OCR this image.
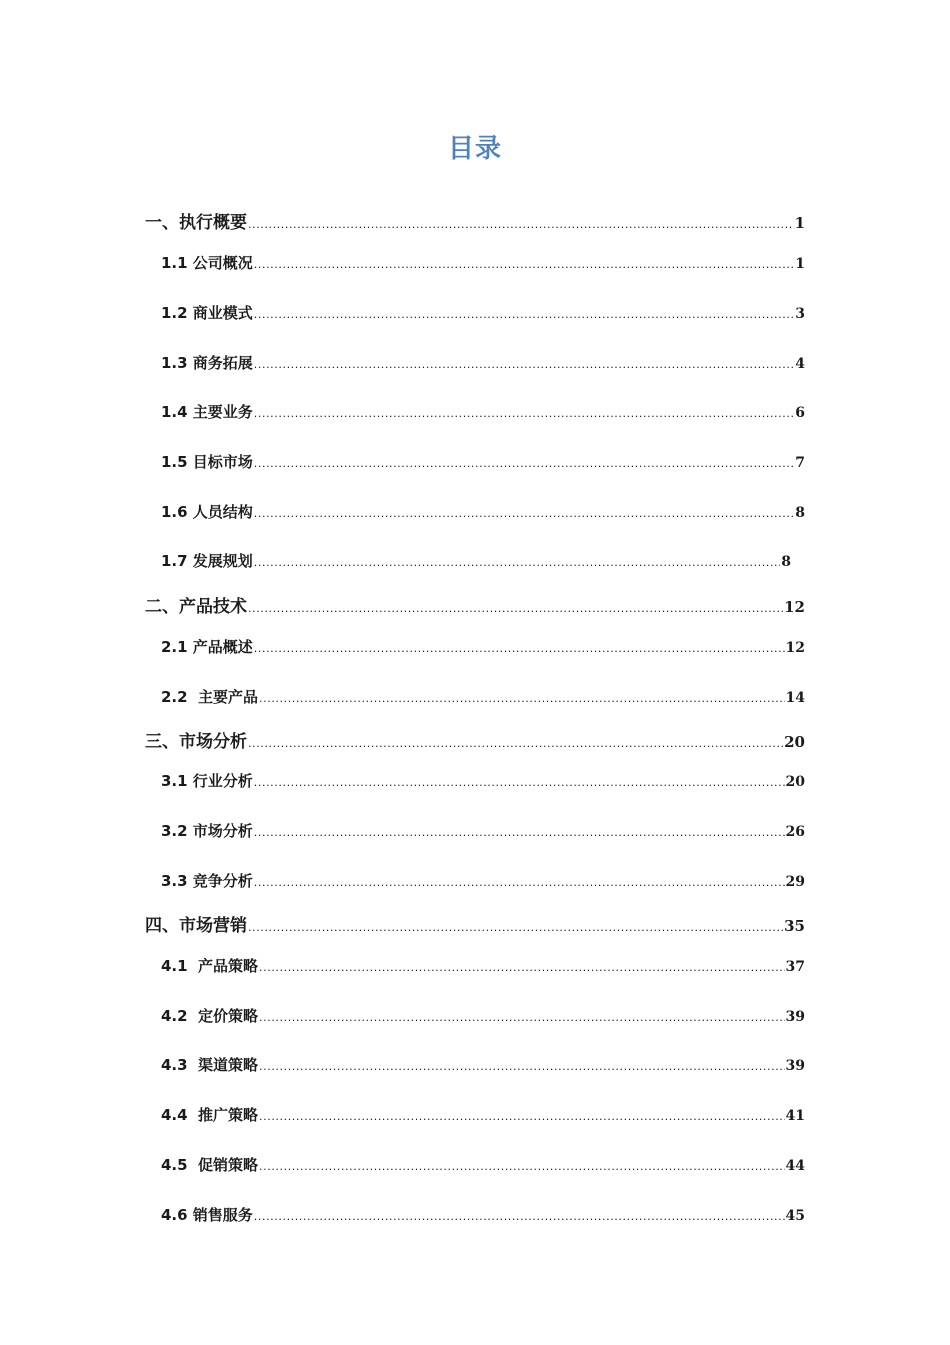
目录
一、执行概要 .....	1
1.1 公司概况 .....	1
1.2 商业模式 .....	3
1.3 商务拓展 .....	4
1.4 主要业务 .....	6
1.5 目标市场 .....	7
1.6 人员结构 .....	8
1.7 发展规划 .....	8
二、产品技术 .....	12
2.1 产品概述 .....	12
2.2  主要产品 .....	14
三、市场分析 .....	20
3.1 行业分析 .....	20
3.2 市场分析 .....	26
3.3 竞争分析 .....	29
四、市场营销 .....	35
4.1  产品策略 .....	37
4.2  定价策略 .....	39
4.3  渠道策略 .....	39
4.4  推广策略 .....	41
4.5  促销策略 .....	44
4.6 销售服务 .....	45
